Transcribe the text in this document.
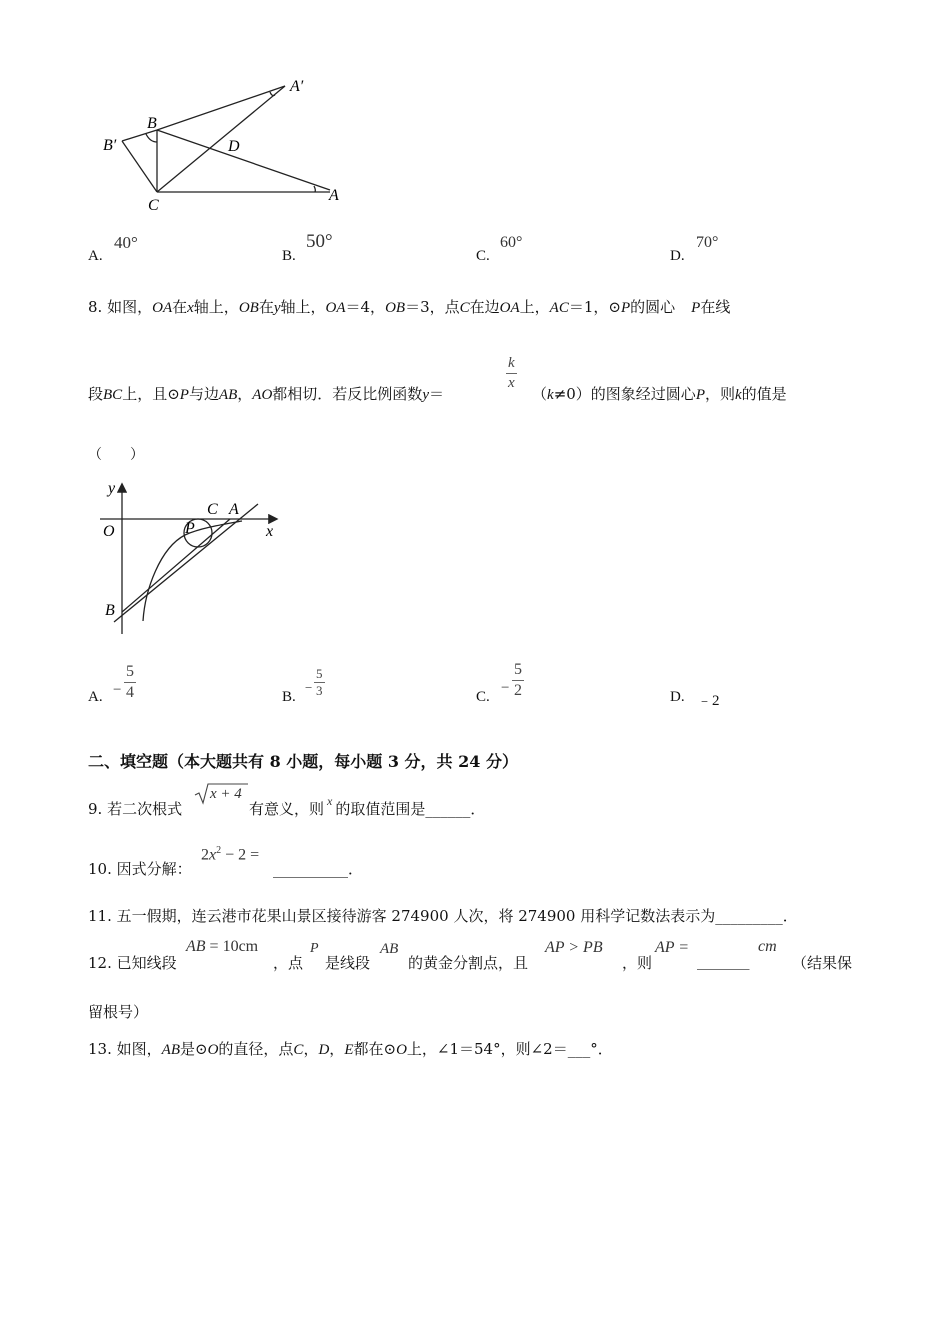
A′
B
B′	D
C
A
A.
40°
B.
50°
C.
60°
D.
70°
8. 如图，OA在x轴上，OB在y轴上，OA＝4，OB＝3，点C在边OA上，AC＝1，⊙P的圆心 P在线
段BC上，且⊙P与边AB，AO都相切．若反比例函数y＝
$\frac{k}{x}$
（k≠0）的图象经过圆心P，则k的值是
（　　）
y
O
C A
P	x
B
A. − $\frac{5}{4}$	B.
− $\frac{5}{3}$	C.
− $\frac{5}{2}$	D. ﹣2
二、填空题（本大题共有 8 小题，每小题 3 分，共 24 分）
9. 若二次根式
x + 4
有意义，则 $^x$ 的取值范围是______．
10. 因式分解：
$2x^2 - 2$ =
__________．
11. 五一假期，连云港市花果山景区接待游客 274900 人次，将 274900 用科学记数法表示为_________．
12. 已知线段
AB = 10cm
，点
P
是线段
AB
的黄金分割点，且
AP > PB
，则
AP =
_______
cm
（结果保
留根号）
13. 如图，AB是⊙O的直径，点C，D，E都在⊙O上，∠1＝54°，则∠2＝___°．
